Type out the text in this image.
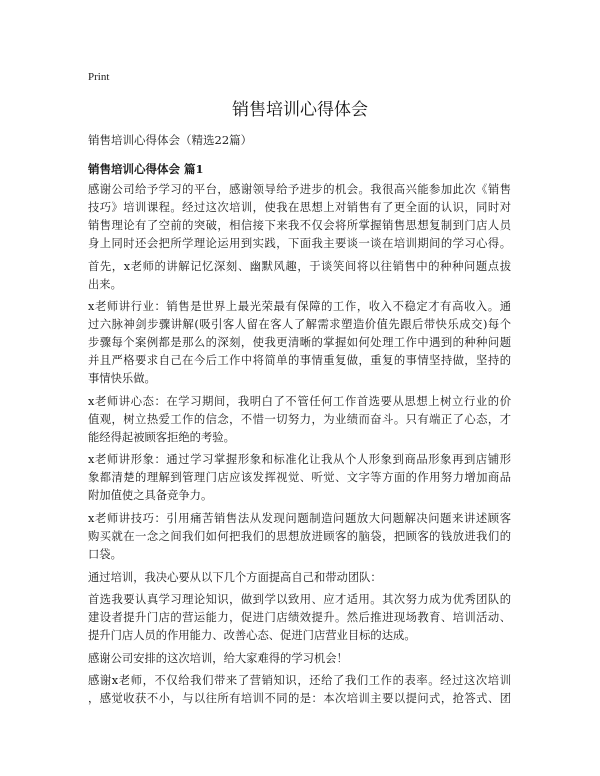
Print
销售培训心得体会
销售培训心得体会（精选22篇）
销售培训心得体会 篇1
感谢公司给予学习的平台，感谢领导给予进步的机会。我很高兴能参加此次《销售
技巧》培训课程。经过这次培训，使我在思想上对销售有了更全面的认识，同时对
销售理论有了空前的突破，相信接下来我不仅会将所掌握销售思想复制到门店人员
身上同时还会把所学理论运用到实践，下面我主要谈一谈在培训期间的学习心得。
首先，x老师的讲解记忆深刻、幽默风趣，于谈笑间将以往销售中的种种问题点拔
出来。
x老师讲行业：销售是世界上最光荣最有保障的工作，收入不稳定才有高收入。通
过六脉神剑步骤讲解(吸引客人留在客人了解需求塑造价值先跟后带快乐成交)每个
步骤每个案例都是那么的深刻，使我更清晰的掌握如何处理工作中遇到的种种问题
并且严格要求自己在今后工作中将简单的事情重复做，重复的事情坚持做，坚持的
事情快乐做。
x老师讲心态：在学习期间，我明白了不管任何工作首选要从思想上树立行业的价
值观，树立热爱工作的信念，不惜一切努力，为业绩而奋斗。只有端正了心态，才
能经得起被顾客拒绝的考验。
x老师讲形象：通过学习掌握形象和标准化让我从个人形象到商品形象再到店铺形
象都清楚的理解到管理门店应该发挥视觉、听觉、文字等方面的作用努力增加商品
附加值使之具备竞争力。
x老师讲技巧：引用痛苦销售法从发现问题制造问题放大问题解决问题来讲述顾客
购买就在一念之间我们如何把我们的思想放进顾客的脑袋，把顾客的钱放进我们的
口袋。
通过培训，我决心要从以下几个方面提高自己和带动团队：
首选我要认真学习理论知识，做到学以致用、应才适用。其次努力成为优秀团队的
建设者提升门店的营运能力，促进门店绩效提升。然后推进现场教育、培训活动、
提升门店人员的作用能力、改善心态、促进门店营业目标的达成。
感谢公司安排的这次培训，给大家难得的学习机会！
感谢x老师，不仅给我们带来了营销知识，还给了我们工作的表率。经过这次培训
，感觉收获不小，与以往所有培训不同的是：本次培训主要以提问式，抢答式、团
